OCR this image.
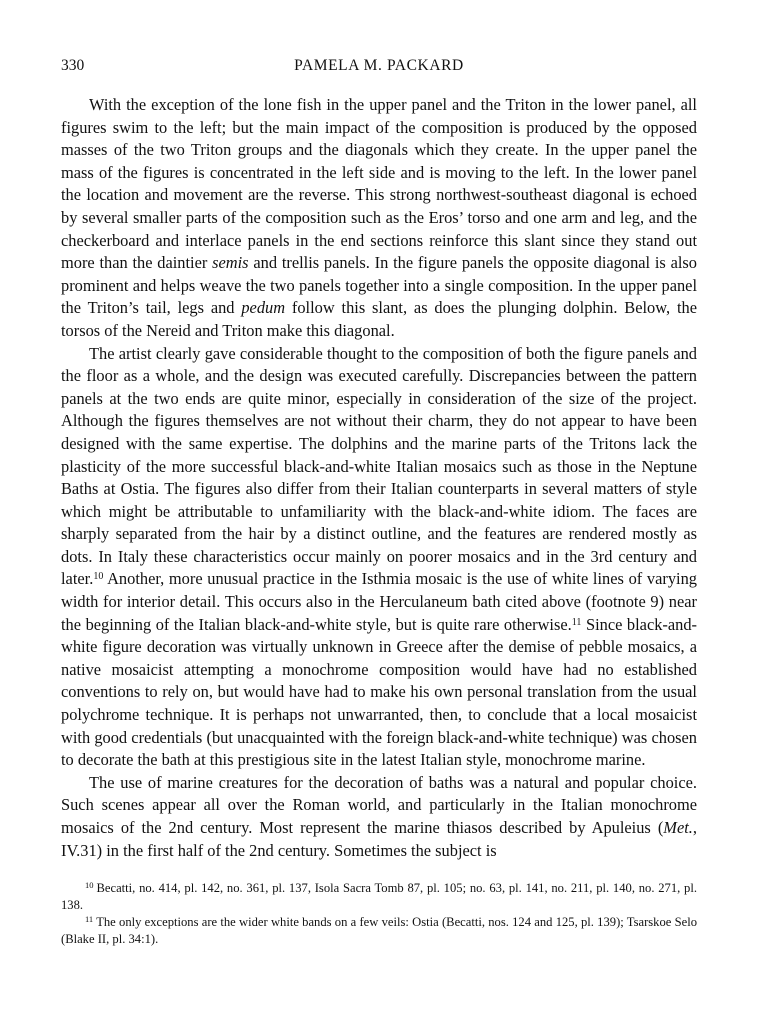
330	PAMELA M. PACKARD

With the exception of the lone fish in the upper panel and the Triton in the lower panel, all figures swim to the left; but the main impact of the composition is produced by the opposed masses of the two Triton groups and the diagonals which they create. In the upper panel the mass of the figures is concentrated in the left side and is moving to the left. In the lower panel the location and movement are the reverse. This strong northwest-southeast diagonal is echoed by several smaller parts of the composition such as the Eros’ torso and one arm and leg, and the checkerboard and interlace panels in the end sections reinforce this slant since they stand out more than the daintier semis and trellis panels. In the figure panels the opposite diagonal is also prominent and helps weave the two panels together into a single composition. In the upper panel the Triton’s tail, legs and pedum follow this slant, as does the plunging dolphin. Below, the torsos of the Nereid and Triton make this diagonal.

The artist clearly gave considerable thought to the composition of both the figure panels and the floor as a whole, and the design was executed carefully. Discrepancies between the pattern panels at the two ends are quite minor, especially in consideration of the size of the project. Although the figures themselves are not without their charm, they do not appear to have been designed with the same expertise. The dolphins and the marine parts of the Tritons lack the plasticity of the more successful black-and-white Italian mosaics such as those in the Neptune Baths at Ostia. The figures also differ from their Italian counterparts in several matters of style which might be attributable to unfamiliarity with the black-and-white idiom. The faces are sharply separated from the hair by a distinct outline, and the features are rendered mostly as dots. In Italy these characteristics occur mainly on poorer mosaics and in the 3rd century and later.$^{10}$ Another, more unusual practice in the Isthmia mosaic is the use of white lines of varying width for interior detail. This occurs also in the Herculaneum bath cited above (footnote 9) near the beginning of the Italian black-and-white style, but is quite rare otherwise.$^{11}$ Since black-and-white figure decoration was virtually unknown in Greece after the demise of pebble mosaics, a native mosaicist attempting a monochrome composition would have had no established conventions to rely on, but would have had to make his own personal translation from the usual polychrome technique. It is perhaps not unwarranted, then, to conclude that a local mosaicist with good credentials (but unacquainted with the foreign black-and-white technique) was chosen to decorate the bath at this prestigious site in the latest Italian style, monochrome marine.

The use of marine creatures for the decoration of baths was a natural and popular choice. Such scenes appear all over the Roman world, and particularly in the Italian monochrome mosaics of the 2nd century. Most represent the marine thiasos described by Apuleius (Met., IV.31) in the first half of the 2nd century. Sometimes the subject is

$^{10}$ Becatti, no. 414, pl. 142, no. 361, pl. 137, Isola Sacra Tomb 87, pl. 105; no. 63, pl. 141, no. 211, pl. 140, no. 271, pl. 138.

$^{11}$ The only exceptions are the wider white bands on a few veils: Ostia (Becatti, nos. 124 and 125, pl. 139); Tsarskoe Selo (Blake II, pl. 34:1).
